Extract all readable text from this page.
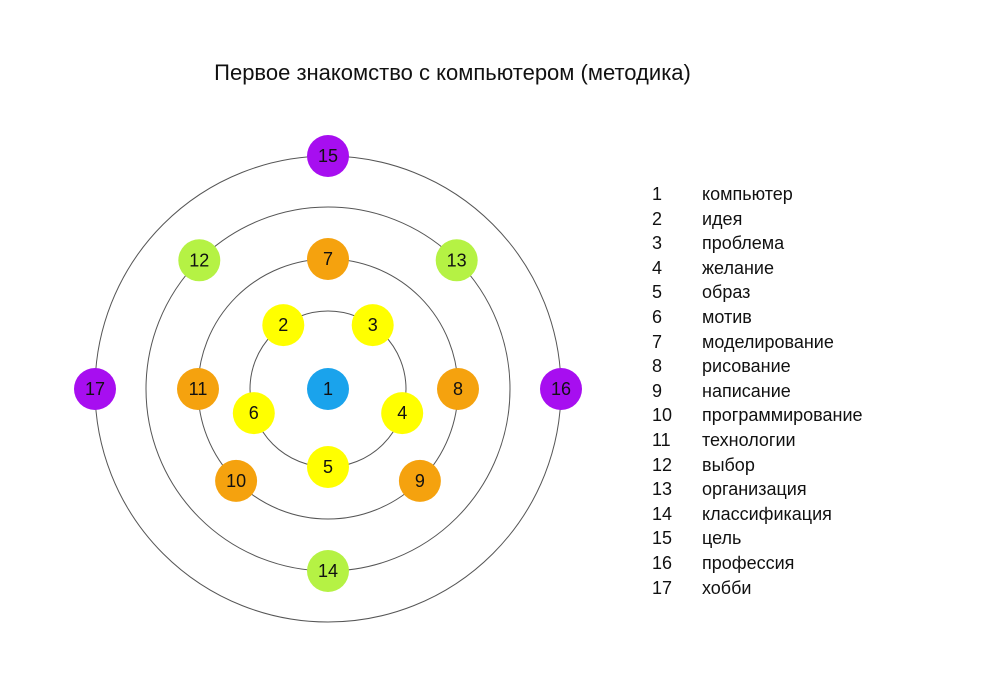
Первое знакомство с компьютером (методика)
1
2	3
4
5
6
7
8
9
10
11
12	13
14
15
16
17
1	компьютер
2	идея
3	проблема
4	желание
5	образ
6	мотив
7	моделирование
8	рисование
9	написание
10	программирование
11	технологии
12	выбор
13	организация
14	классификация
15	цель
16	профессия
17	хобби
